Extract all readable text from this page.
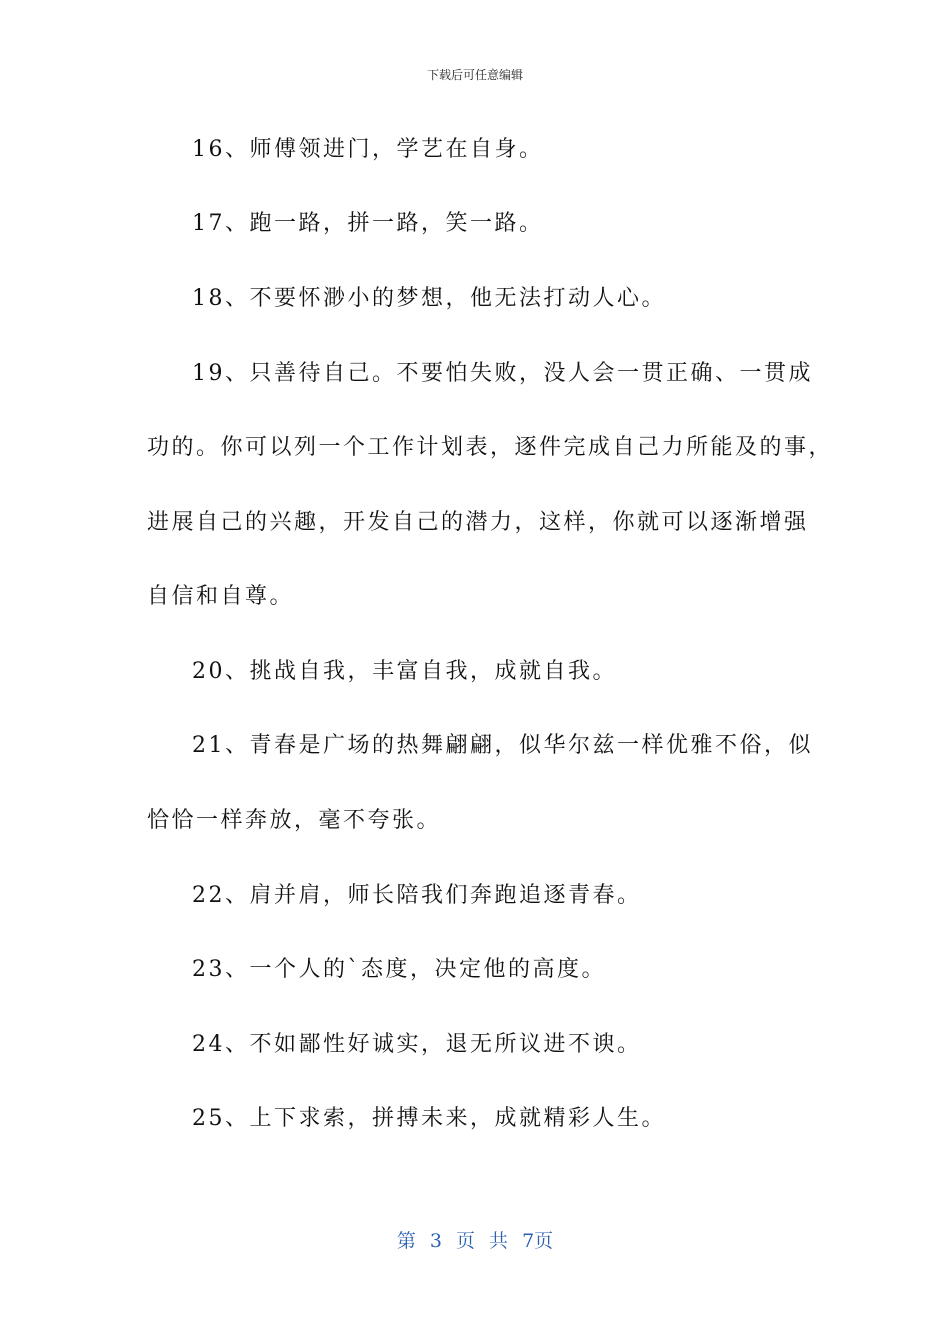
下载后可任意编辑
16、师傅领进门，学艺在自身。
17、跑一路，拼一路，笑一路。
18、不要怀渺小的梦想，他无法打动人心。
19、只善待自己。不要怕失败，没人会一贯正确、一贯成
功的。你可以列一个工作计划表，逐件完成自己力所能及的事，
进展自己的兴趣，开发自己的潜力，这样，你就可以逐渐增强
自信和自尊。
20、挑战自我，丰富自我，成就自我。
21、青春是广场的热舞翩翩，似华尔兹一样优雅不俗，似
恰恰一样奔放，毫不夸张。
22、肩并肩，师长陪我们奔跑追逐青春。
23、一个人的`态度，决定他的高度。
24、不如鄙性好诚实，退无所议进不谀。
25、上下求索，拼搏未来，成就精彩人生。
第 3 页 共 7页
